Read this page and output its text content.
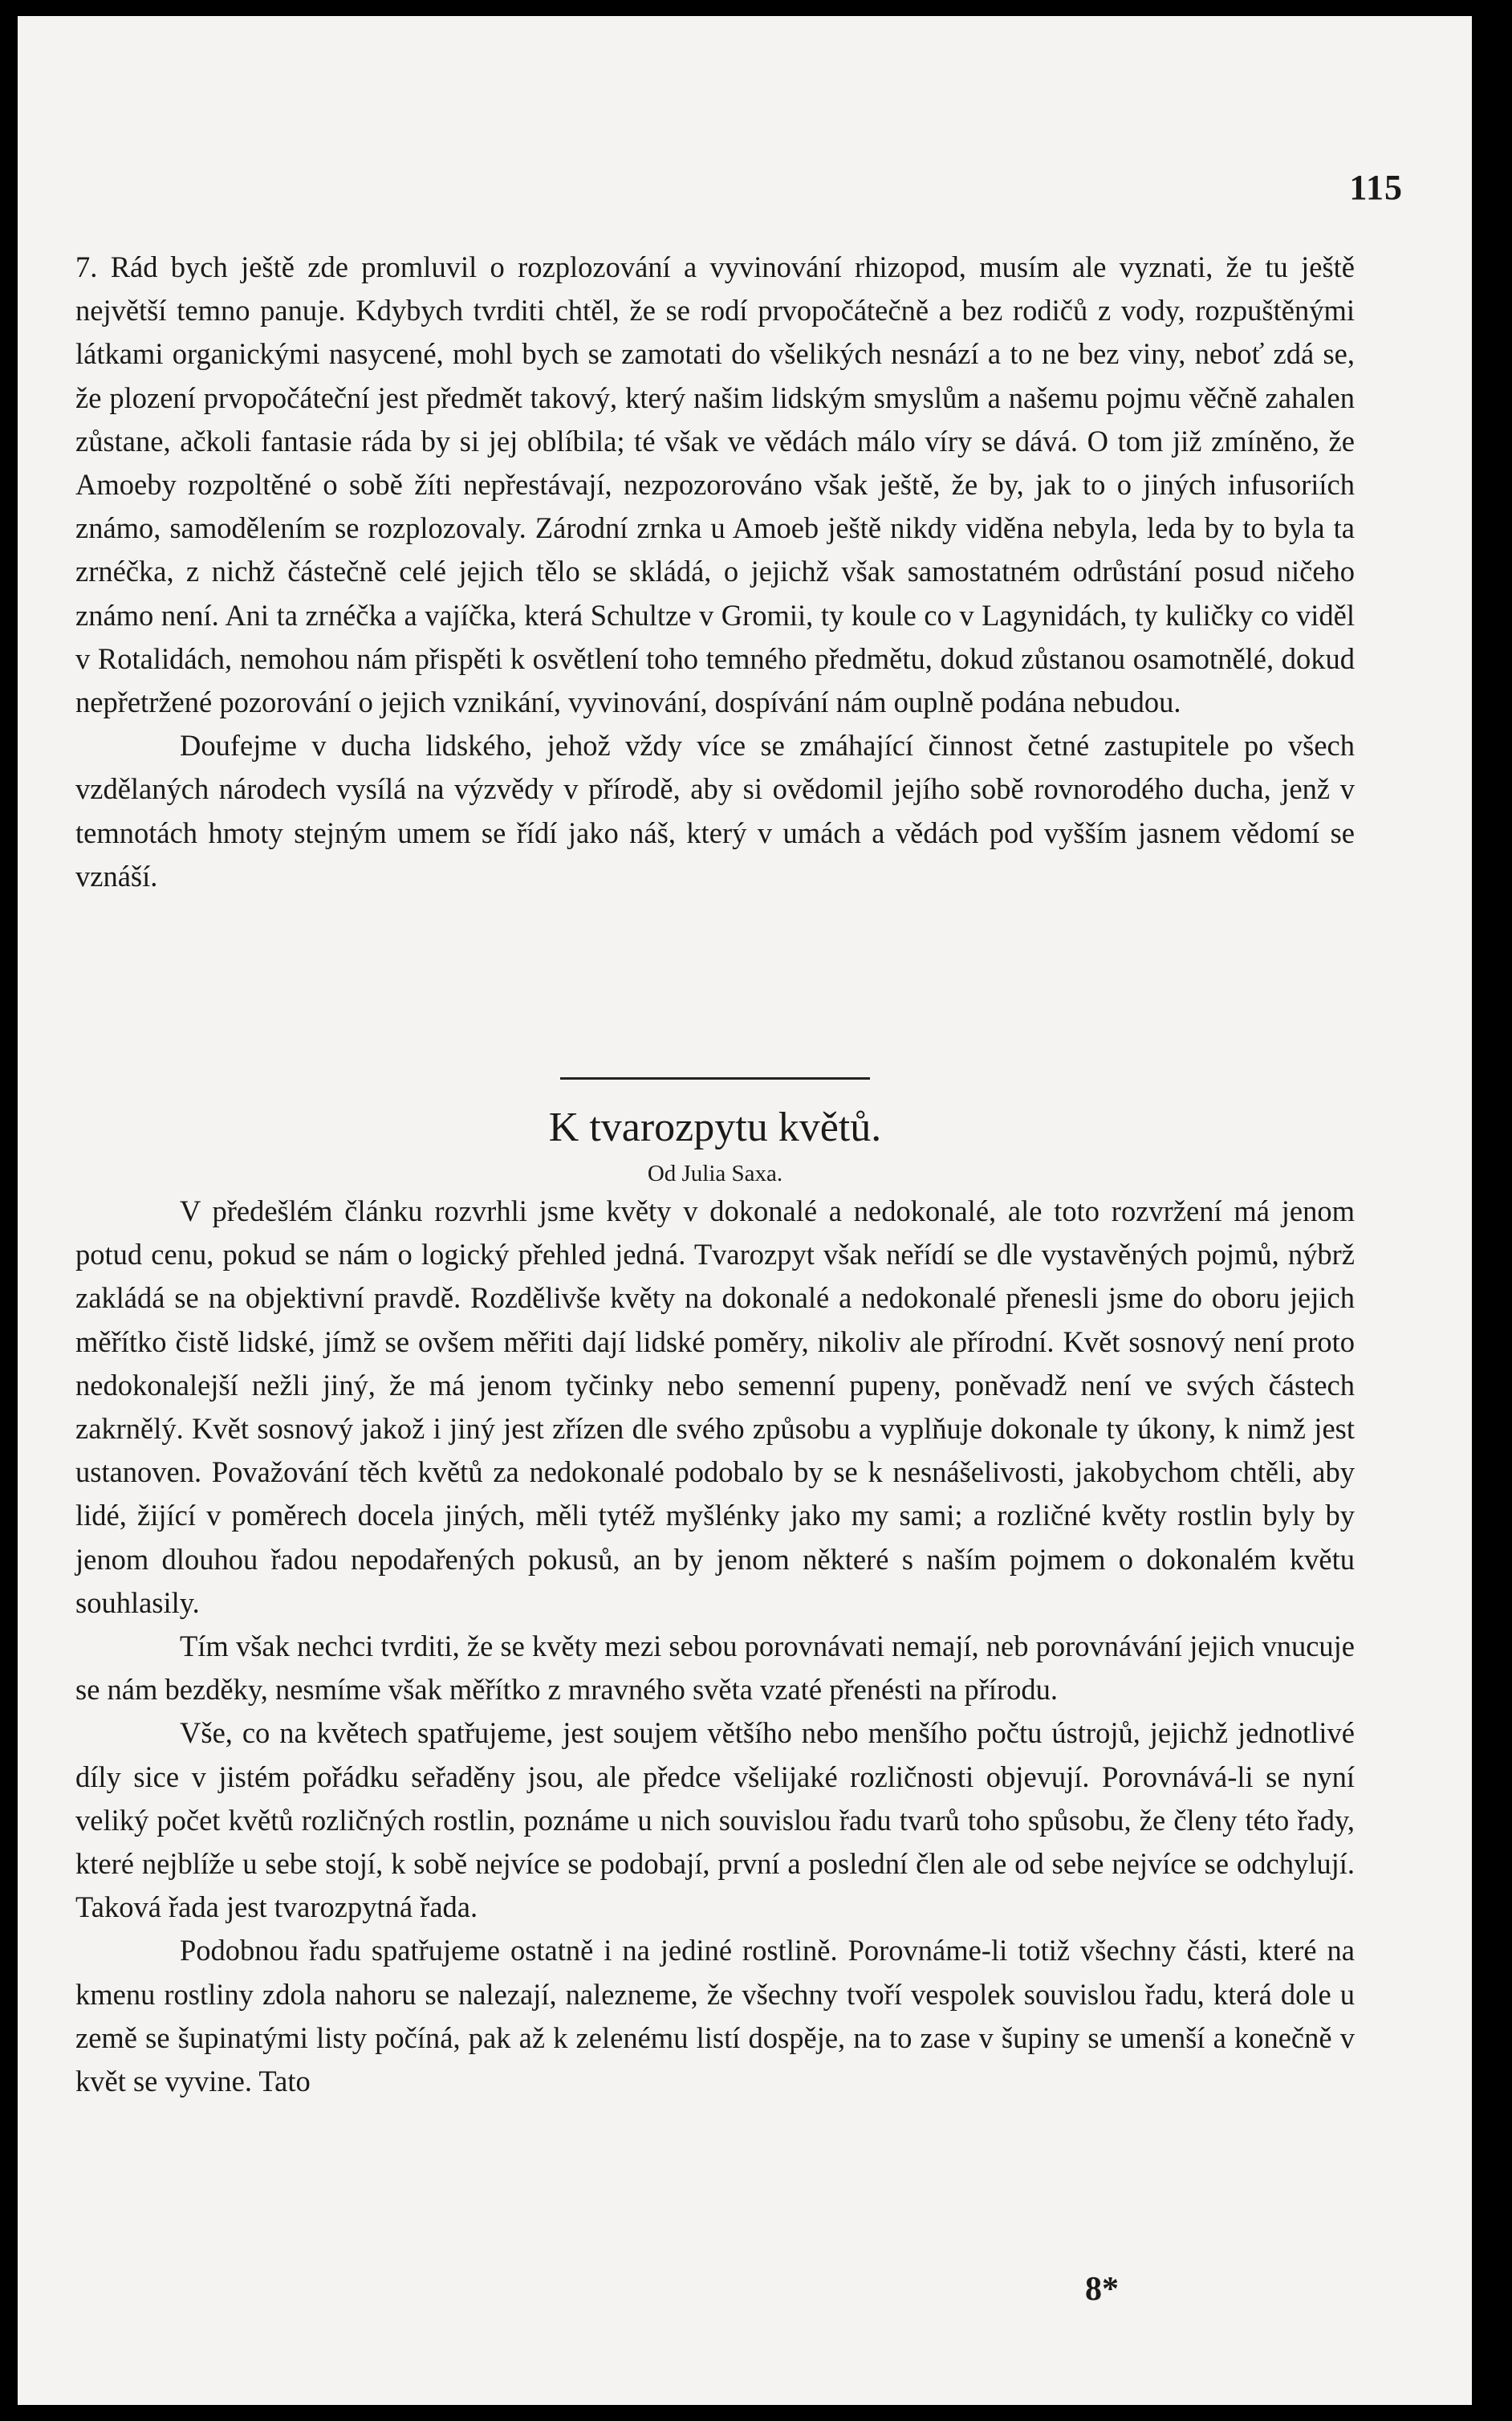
115

7. Rád bych ještě zde promluvil o rozplozování a vyvinování rhizopod, musím ale vyznati, že tu ještě největší temno panuje. Kdybych tvrditi chtěl, že se rodí prvopočátečně a bez rodičů z vody, rozpuštěnými látkami organickými nasycené, mohl bych se zamotati do všelikých nesnází a to ne bez viny, neboť zdá se, že plození prvopočáteční jest předmět takový, který našim lidským smyslům a našemu pojmu věčně zahalen zůstane, ačkoli fantasie ráda by si jej oblíbila; té však ve vědách málo víry se dává. O tom již zmíněno, že Amoeby rozpoltěné o sobě žíti nepřestávají, nezpozorováno však ještě, že by, jak to o jiných infusoriích známo, samodělením se rozplozovaly. Zárodní zrnka u Amoeb ještě nikdy viděna nebyla, leda by to byla ta zrnéčka, z nichž částečně celé jejich tělo se skládá, o jejichž však samostatném odrůstání posud ničeho známo není. Ani ta zrnéčka a vajíčka, která Schultze v Gromii, ty koule co v Lagynidách, ty kuličky co viděl v Rotalidách, nemohou nám přispěti k osvětlení toho temného předmětu, dokud zůstanou osamotnělé, dokud nepřetržené pozorování o jejich vznikání, vyvinování, dospívání nám ouplně podána nebudou.

Doufejme v ducha lidského, jehož vždy více se zmáhající činnost četné zastupitele po všech vzdělaných národech vysílá na výzvědy v přírodě, aby si ovědomil jejího sobě rovnorodého ducha, jenž v temnotách hmoty stejným umem se řídí jako náš, který v umách a vědách pod vyšším jasnem vědomí se vznáší.

K tvarozpytu květů.
Od Julia Saxa.

V předešlém článku rozvrhli jsme květy v dokonalé a nedokonalé, ale toto rozvržení má jenom potud cenu, pokud se nám o logický přehled jedná. Tvarozpyt však neřídí se dle vystavěných pojmů, nýbrž zakládá se na objektivní pravdě. Rozdělivše květy na dokonalé a nedokonalé přenesli jsme do oboru jejich měřítko čistě lidské, jímž se ovšem měřiti dají lidské poměry, nikoliv ale přírodní. Květ sosnový není proto nedokonalejší nežli jiný, že má jenom tyčinky nebo semenní pupeny, poněvadž není ve svých částech zakrnělý. Květ sosnový jakož i jiný jest zřízen dle svého způsobu a vyplňuje dokonale ty úkony, k nimž jest ustanoven. Považování těch květů za nedokonalé podobalo by se k nesnášelivosti, jakobychom chtěli, aby lidé, žijící v poměrech docela jiných, měli tytéž myšlénky jako my sami; a rozličné květy rostlin byly by jenom dlouhou řadou nepodařených pokusů, an by jenom některé s naším pojmem o dokonalém květu souhlasily.

Tím však nechci tvrditi, že se květy mezi sebou porovnávati nemají, neb porovnávání jejich vnucuje se nám bezděky, nesmíme však měřítko z mravného světa vzaté přenésti na přírodu.

Vše, co na květech spatřujeme, jest soujem většího nebo menšího počtu ústrojů, jejichž jednotlivé díly sice v jistém pořádku seřaděny jsou, ale předce všelijaké rozličnosti objevují. Porovnává-li se nyní veliký počet květů rozličných rostlin, poznáme u nich souvislou řadu tvarů toho spůsobu, že členy této řady, které nejblíže u sebe stojí, k sobě nejvíce se podobají, první a poslední člen ale od sebe nejvíce se odchylují. Taková řada jest tvarozpytná řada.

Podobnou řadu spatřujeme ostatně i na jediné rostlině. Porovnáme-li totiž všechny části, které na kmenu rostliny zdola nahoru se nalezají, nalezneme, že všechny tvoří vespolek souvislou řadu, která dole u země se šupinatými listy počíná, pak až k zelenému listí dospěje, na to zase v šupiny se umenší a konečně v květ se vyvine. Tato

8*
